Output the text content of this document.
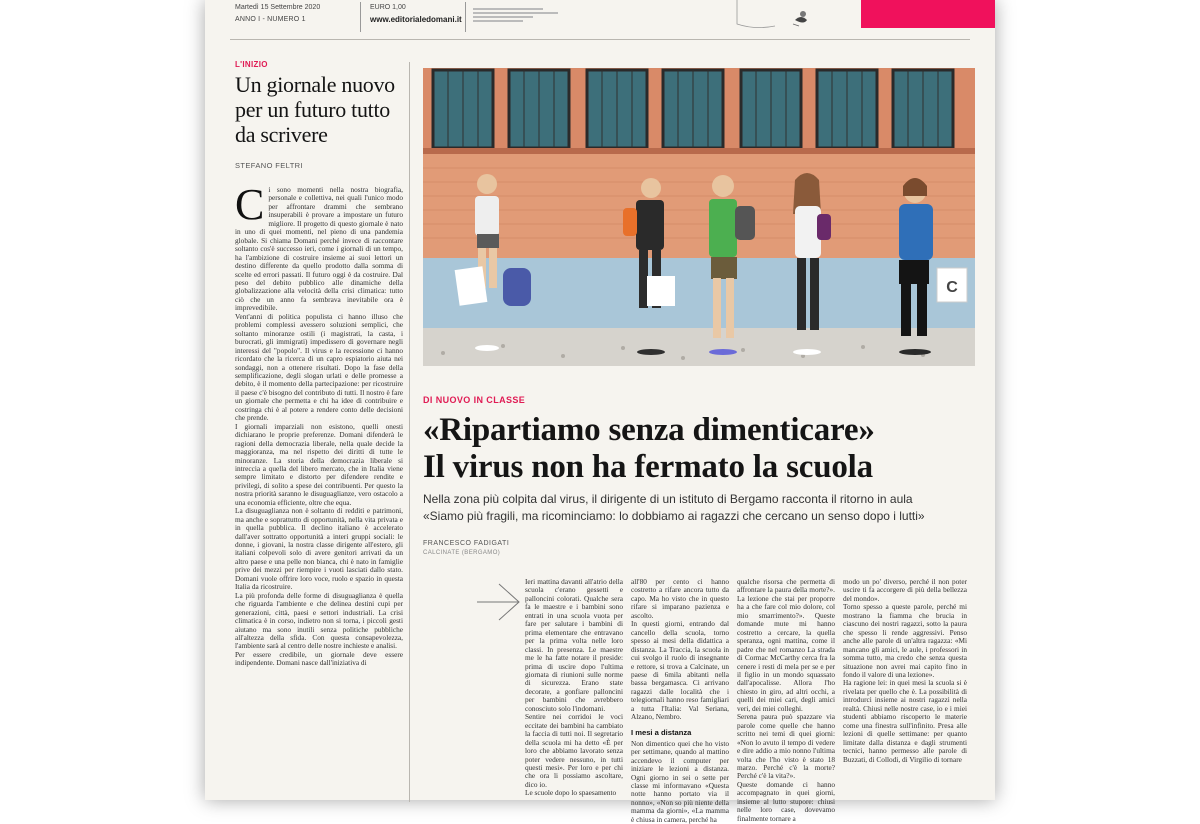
Martedì 15 Settembre 2020
ANNO I - NUMERO 1
EURO 1,00
www.editorialedomani.it
L'INIZIO
Un giornale nuovo per un futuro tutto da scrivere
STEFANO FELTRI
C i sono momenti nella nostra biografia, personale e collettiva, nei quali l'unico modo per affrontare drammi che sembrano insuperabili è provare a impostare un futuro migliore. Il progetto di questo giornale è nato in uno di quei momenti, nel pieno di una pandemia globale. Si chiama Domani perché invece di raccontare soltanto cos'è successo ieri, come i giornali di un tempo, ha l'ambizione di costruire insieme ai suoi lettori un destino differente da quello prodotto dalla somma di scelte ed errori passati. Il futuro oggi è da costruire. Dal peso del debito pubblico alle dinamiche della globalizzazione alla velocità della crisi climatica: tutto ciò che un anno fa sembrava inevitabile ora è imprevedibile.

Vent'anni di politica populista ci hanno illuso che problemi complessi avessero soluzioni semplici, che soltanto minoranze ostili (i magistrati, la casta, i burocrati, gli immigrati) impedissero di governare negli interessi del "popolo". Il virus e la recessione ci hanno ricordato che la ricerca di un capro espiatorio aiuta nei sondaggi, non a ottenere risultati. Dopo la fase della semplificazione, degli slogan urlati e delle promesse a debito, è il momento della partecipazione: per ricostruire il paese c'è bisogno del contributo di tutti. Il nostro è fare un giornale che permetta e chi ha idee di contribuire e costringa chi è al potere a rendere conto delle decisioni che prende.

I giornali imparziali non esistono, quelli onesti dichiarano le proprie preferenze. Domani difenderà le ragioni della democrazia liberale, nella quale decide la maggioranza, ma nel rispetto dei diritti di tutte le minoranze. La storia della democrazia liberale si intreccia a quella del libero mercato, che in Italia viene sempre limitato e distorto per difendere rendite e privilegi, di solito a spese dei contribuenti. Per questo la nostra priorità saranno le disuguaglianze, vero ostacolo a una economia efficiente, oltre che equa.

La disuguaglianza non è soltanto di redditi e patrimoni, ma anche e soprattutto di opportunità, nella vita privata e in quella pubblica. Il declino italiano è accelerato dall'aver sottratto opportunità a interi gruppi sociali: le donne, i giovani, la nostra classe dirigente all'estero, gli italiani colpevoli solo di avere genitori arrivati da un altro paese e una pelle non bianca, chi è nato in famiglie prive dei mezzi per riempire i vuoti lasciati dallo stato. Domani vuole offrire loro voce, ruolo e spazio in questa Italia da ricostruire.

La più profonda delle forme di disuguaglianza è quella che riguarda l'ambiente e che delinea destini cupi per generazioni, città, paesi e settori industriali. La crisi climatica è in corso, indietro non si torna, i piccoli gesti aiutano ma sono inutili senza politiche pubbliche all'altezza della sfida. Con questa consapevolezza, l'ambiente sarà al centro delle nostre inchieste e analisi.

Per essere credibile, un giornale deve essere indipendente. Domani nasce dall'iniziativa di

C
DI NUOVO IN CLASSE
«Ripartiamo senza dimenticare»
Il virus non ha fermato la scuola
Nella zona più colpita dal virus, il dirigente di un istituto di Bergamo racconta il ritorno in aula
«Siamo più fragili, ma ricominciamo: lo dobbiamo ai ragazzi che cercano un senso dopo i lutti»
FRANCESCO FADIGATI
CALCINATE (BERGAMO)

Ieri mattina davanti all'atrio della scuola c'erano gessetti e palloncini colorati. Qualche sera fa le maestre e i bambini sono entrati in una scuola vuota per fare per salutare i bambini di prima elementare che entravano per la prima volta nelle loro classi. In presenza. Le maestre me le ha fatte notare il preside: prima di uscire dopo l'ultima giornata di riunioni sulle norme di sicurezza. Erano state decorate, a gonfiare palloncini per bambini che avrebbero conosciuto solo l'indomani.

Sentire nei corridoi le voci eccitate dei bambini ha cambiato la faccia di tutti noi. Il segretario della scuola mi ha detto «È per loro che abbiamo lavorato senza poter vedere nessuno, in tutti questi mesi». Per loro e per chi che ora li possiamo ascoltare, dico io.

Le scuole dopo lo spaesamento

all'80 per cento ci hanno costretto a rifare ancora tutto da capo. Ma ho visto che in questo rifare si imparano pazienza e ascolto.

In questi giorni, entrando dal cancello della scuola, torno spesso ai mesi della didattica a distanza. La Traccia, la scuola in cui svolgo il ruolo di insegnante e rettore, si trova a Calcinate, un paese di 6mila abitanti nella bassa bergamasca. Ci arrivano ragazzi dalle località che i telegiornali hanno reso famigliari a tutta l'Italia: Val Seriana, Alzano, Nembro.

I mesi a distanza

Non dimentico quei che ho visto per settimane, quando al mattino accendevo il computer per iniziare le lezioni a distanza. Ogni giorno in sei o sette per classe mi informavano «Questa notte hanno portato via il nonno», «Non so più niente della mamma da giorni», «La mamma è chiusa in camera, perché ha

qualche risorsa che permetta di affrontare la paura della morte?». La lezione che stai per proporre ha a che fare col mio dolore, col mio smarrimento?». Queste domande mute mi hanno costretto a cercare, la quella speranza, ogni mattina, come il padre che nel romanzo La strada di Cormac McCarthy cerca fra la cenere i resti di mela per se e per il figlio in un mondo squassato dall'apocalisse. Allora l'ho chiesto in giro, ad altri occhi, a quelli dei miei cari, degli amici veri, dei miei colleghi.

Serena paura può spazzare via parole come quelle che hanno scritto nei temi di quei giorni: «Non lo avuto il tempo di vedere e dire addio a mio nonno l'ultima volta che l'ho visto è stato 18 marzo. Perché c'è la morte? Perché c'è la vita?».

Queste domande ci hanno accompagnato in quei giorni, insieme al lutto stupore: chiusi nelle loro case, dovevamo finalmente tornare a

modo un po' diverso, perché il non poter uscire ti fa accorgere di più della bellezza del mondo».

Torno spesso a queste parole, perché mi mostrano la fiamma che brucia in ciascuno dei nostri ragazzi, sotto la paura che spesso li rende aggressivi. Penso anche alle parole di un'altra ragazza: «Mi mancano gli amici, le aule, i professori in somma tutto, ma credo che senza questa situazione non avrei mai capito fino in fondo il valore di una lezione».

Ha ragione lei: in quei mesi la scuola si è rivelata per quello che è. La possibilità di introdurci insieme ai nostri ragazzi nella realtà. Chiusi nelle nostre case, io e i miei studenti abbiamo riscoperto le materie come una finestra sull'infinito. Presa alle lezioni di quelle settimane: per quanto limitate dalla distanza e dagli strumenti tecnici, hanno permesso alle parole di Buzzati, di Collodi, di Virgilio di tornare
